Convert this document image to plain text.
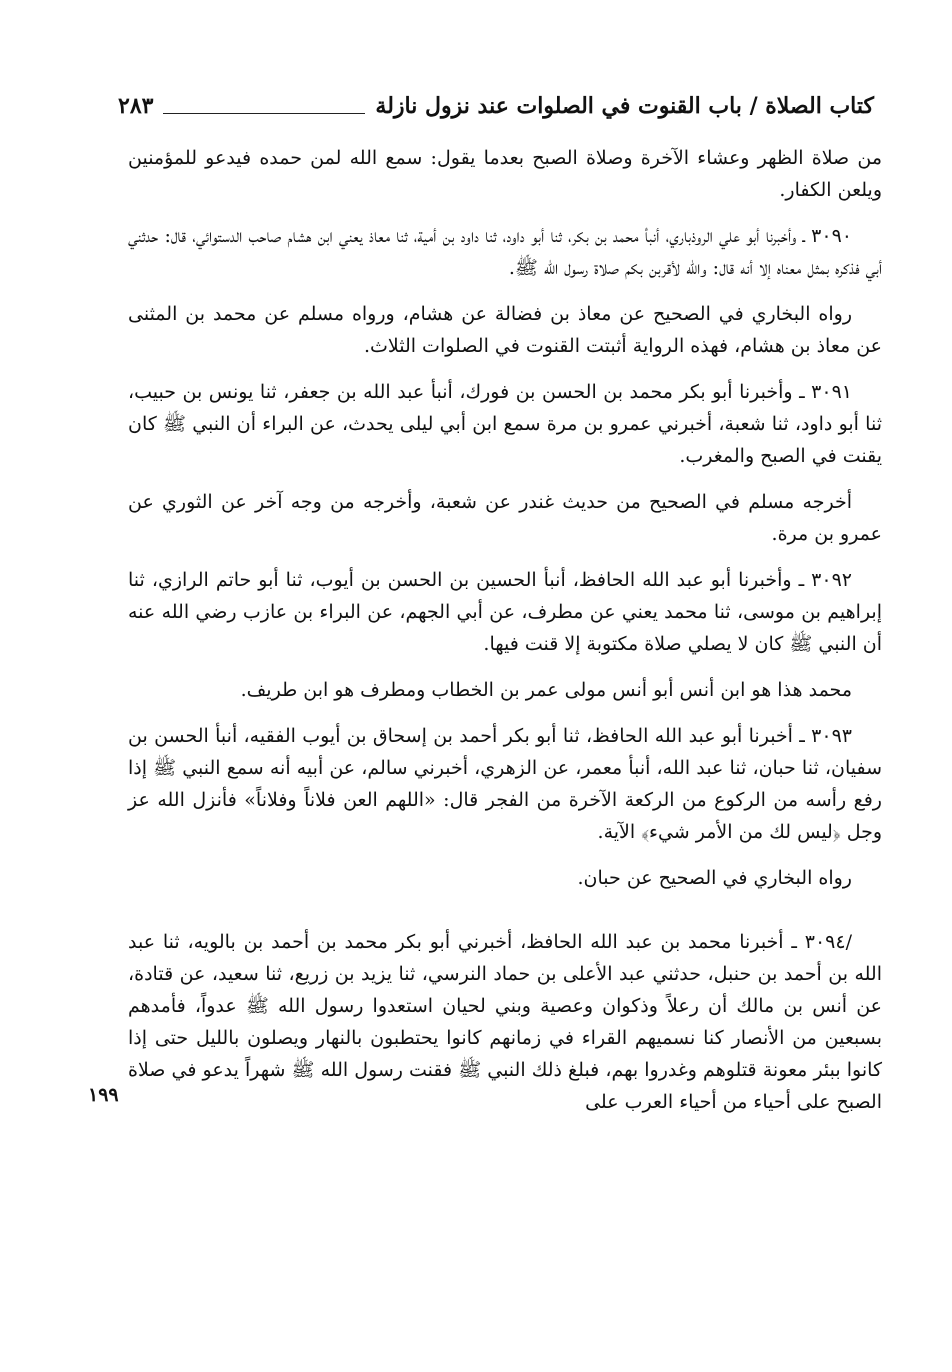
كتاب الصلاة / باب القنوت في الصلوات عند نزول نازلة
٢٨٣

من صلاة الظهر وعشاء الآخرة وصلاة الصبح بعدما يقول: سمع الله لمن حمده فيدعو للمؤمنين ويلعن الكفار.

٣٠٩٠ ـ وأخبرنا أبو علي الروذباري، أنبأ محمد بن بكر، ثنا أبو داود، ثنا داود بن أمية، ثنا معاذ يعني ابن هشام صاحب الدستوائي، قال: حدثني أبي فذكره بمثل معناه إلا أنه قال: والله لأقربن بكم صلاة رسول الله ﷺ.

رواه البخاري في الصحيح عن معاذ بن فضالة عن هشام، ورواه مسلم عن محمد بن المثنى عن معاذ بن هشام، فهذه الرواية أثبتت القنوت في الصلوات الثلاث.

٣٠٩١ ـ وأخبرنا أبو بكر محمد بن الحسن بن فورك، أنبأ عبد الله بن جعفر، ثنا يونس بن حبيب، ثنا أبو داود، ثنا شعبة، أخبرني عمرو بن مرة سمع ابن أبي ليلى يحدث، عن البراء أن النبي ﷺ كان يقنت في الصبح والمغرب.

أخرجه مسلم في الصحيح من حديث غندر عن شعبة، وأخرجه من وجه آخر عن الثوري عن عمرو بن مرة.

٣٠٩٢ ـ وأخبرنا أبو عبد الله الحافظ، أنبأ الحسين بن الحسن بن أيوب، ثنا أبو حاتم الرازي، ثنا إبراهيم بن موسى، ثنا محمد يعني عن مطرف، عن أبي الجهم، عن البراء بن عازب رضي الله عنه أن النبي ﷺ كان لا يصلي صلاة مكتوبة إلا قنت فيها.

محمد هذا هو ابن أنس أبو أنس مولى عمر بن الخطاب ومطرف هو ابن طريف.

٣٠٩٣ ـ أخبرنا أبو عبد الله الحافظ، ثنا أبو بكر أحمد بن إسحاق بن أيوب الفقيه، أنبأ الحسن بن سفيان، ثنا حبان، ثنا عبد الله، أنبأ معمر، عن الزهري، أخبرني سالم، عن أبيه أنه سمع النبي ﷺ إذا رفع رأسه من الركوع من الركعة الآخرة من الفجر قال: «اللهم العن فلاناً وفلاناً» فأنزل الله عز وجل ﴿ليس لك من الأمر شيء﴾ الآية.

رواه البخاري في الصحيح عن حبان.

/٣٠٩٤ ـ أخبرنا محمد بن عبد الله الحافظ، أخبرني أبو بكر محمد بن أحمد بن بالويه، ثنا عبد الله بن أحمد بن حنبل، حدثني عبد الأعلى بن حماد النرسي، ثنا يزيد بن زريع، ثنا سعيد، عن قتادة، عن أنس بن مالك أن رعلاً وذكوان وعصية وبني لحيان استعدوا رسول الله ﷺ عدواً، فأمدهم بسبعين من الأنصار كنا نسميهم القراء في زمانهم كانوا يحتطبون بالنهار ويصلون بالليل حتى إذا كانوا ببئر معونة قتلوهم وغدروا بهم، فبلغ ذلك النبي ﷺ فقنت رسول الله ﷺ شهراً يدعو في صلاة الصبح على أحياء من أحياء العرب على

١٩٩
